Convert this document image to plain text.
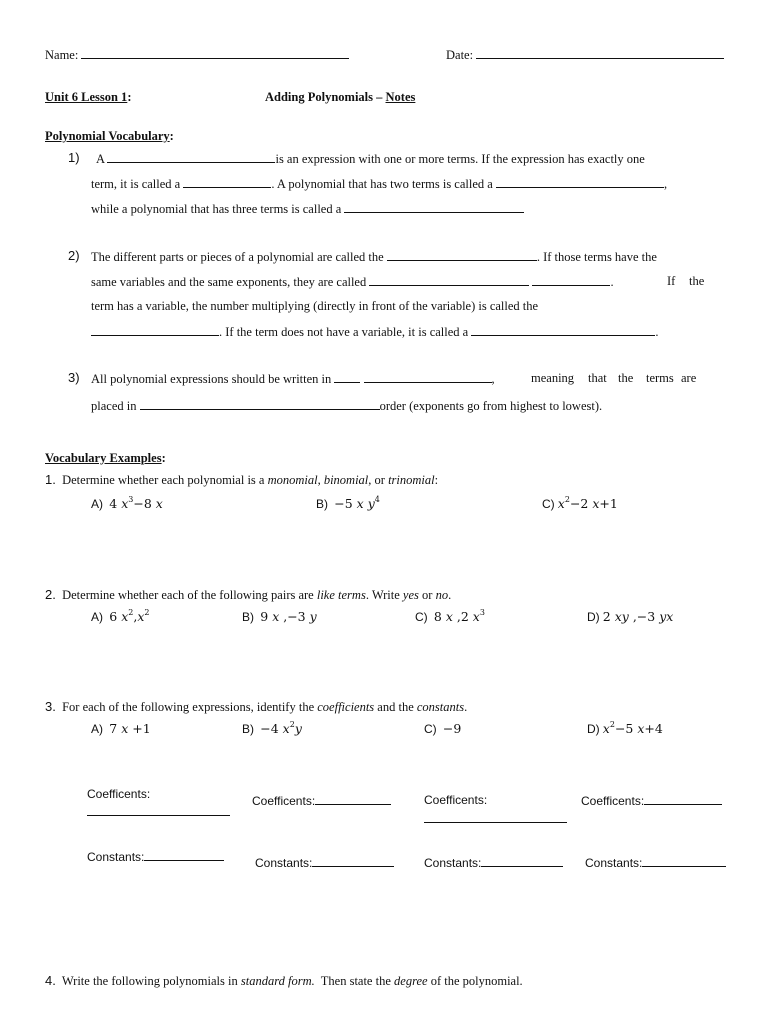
Name:	Date:
Unit 6 Lesson 1:	Adding Polynomials – Notes
Polynomial Vocabulary:
1) A	is an expression with one or more terms. If the expression has exactly one
term, it is called a	. A polynomial that has two terms is called a	,
while a polynomial that has three terms is called a
2) The different parts or pieces of a polynomial are called the	. If those terms have the
same variables and the same exponents, they are called	.	If the
term has a variable, the number multiplying (directly in front of the variable) is called the
. If the term does not have a variable, it is called a	.
3) All polynomial expressions should be written in	,	meaning that the terms are
placed in	order (exponents go from highest to lowest).
Vocabulary Examples:
1. Determine whether each polynomial is a monomial, binomial, or trinomial:
A) 4 $x^3-8$ x	B) −5 x $y^4$	C) $x^2-2$ x+1
2. Determine whether each of the following pairs are like terms. Write yes or no.
A) 6 $x^2,x^2$	B) 9 x ,−3 y	C) 8 x ,2 $x^3$	D) 2 xy ,−3 yx
3. For each of the following expressions, identify the coefficients and the constants.
A) 7 x +1	B) −4 $x^2y$	C) −9	D) $x^2-5$ x+4
Coefficents:	Coefficents:	Coefficents:	Coefficents:
Constants:	Constants:	Constants:	Constants:
4. Write the following polynomials in standard form. Then state the degree of the polynomial.
